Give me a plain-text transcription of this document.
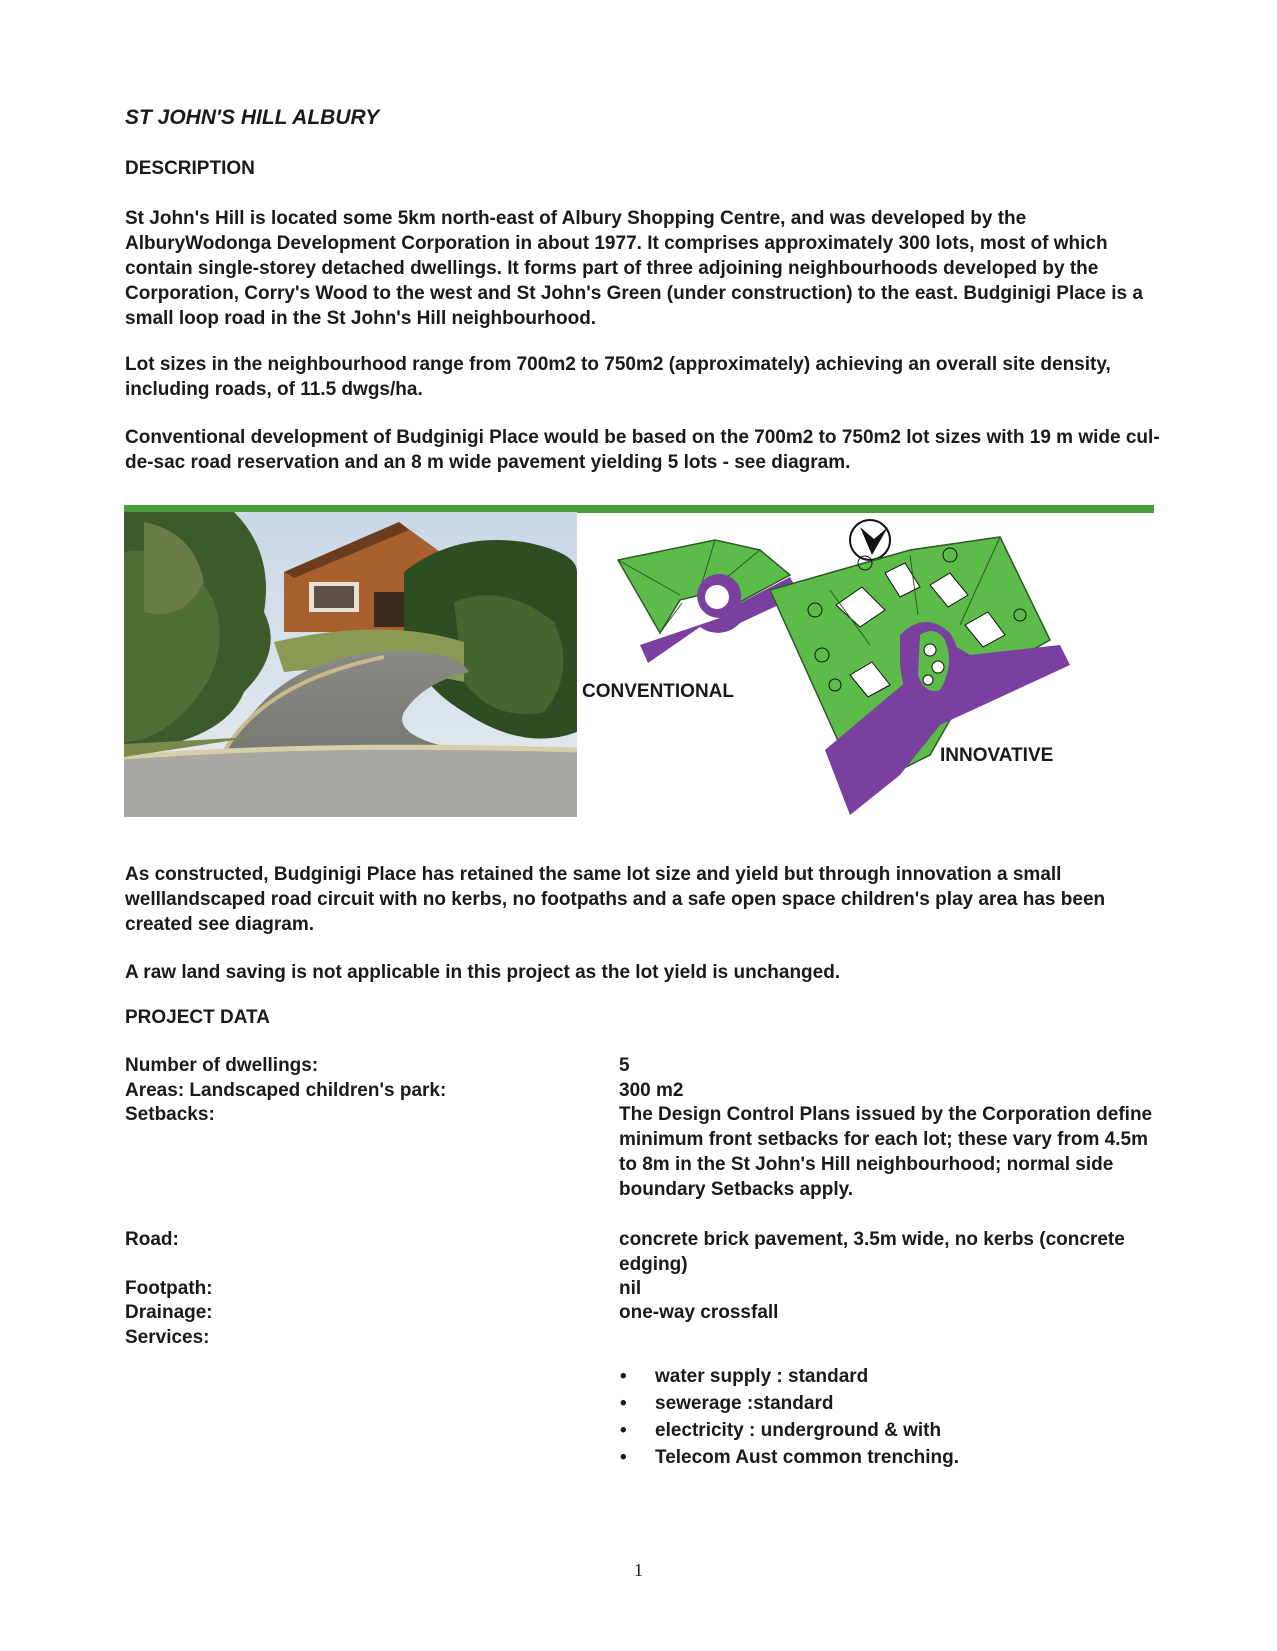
ST JOHN'S HILL ALBURY
DESCRIPTION
St John's Hill is located some 5km north-east of Albury Shopping Centre, and was developed by the AlburyWodonga Development Corporation in about 1977. It comprises approximately 300 lots, most of which contain single-storey detached dwellings. It forms part of three adjoining neighbourhoods developed by the Corporation, Corry's Wood to the west and St John's Green (under construction) to the east. Budginigi Place is a small loop road in the St John's Hill neighbourhood.
Lot sizes in the neighbourhood range from 700m2 to 750m2 (approximately) achieving an overall site density, including roads, of 11.5 dwgs/ha.
Conventional development of Budginigi Place would be based on the 700m2 to 750m2 lot sizes with 19 m wide cul-de-sac road reservation and an 8 m wide pavement yielding 5 lots - see diagram.
CONVENTIONAL
INNOVATIVE
As constructed, Budginigi Place has retained the same lot size and yield but through innovation a small welllandscaped road circuit with no kerbs, no footpaths and a safe open space children's play area has been created see diagram.
A raw land saving is not applicable in this project as the lot yield is unchanged.
PROJECT DATA
Number of dwellings:	5
Areas: Landscaped children's park:	300 m2
Setbacks:	The Design Control Plans issued by the Corporation define minimum front setbacks for each lot; these vary from 4.5m to 8m in the St John's Hill neighbourhood; normal side boundary Setbacks apply.
Road:	concrete brick pavement, 3.5m wide, no kerbs (concrete edging)
Footpath:	nil
Drainage:	one-way crossfall
Services:
• water supply : standard
• sewerage :standard
• electricity : underground & with
• Telecom Aust common trenching.
1
